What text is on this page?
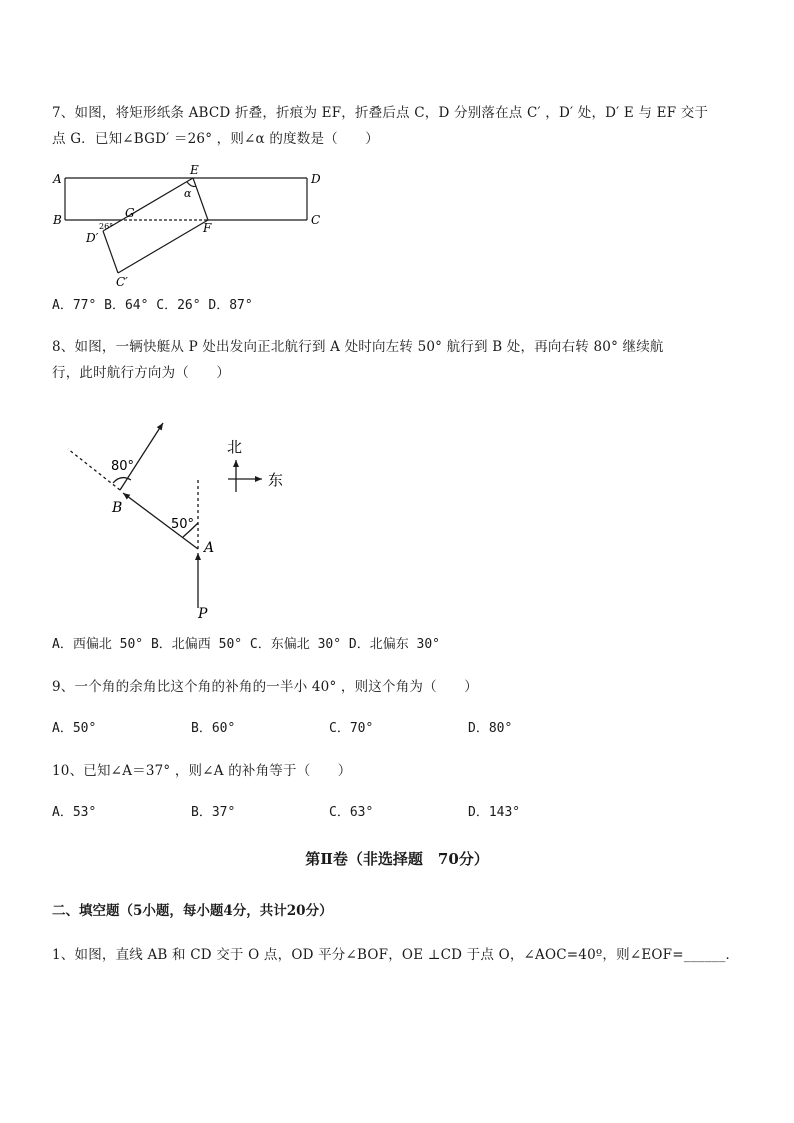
7、如图，将矩形纸条 ABCD 折叠，折痕为 EF，折叠后点 C，D 分别落在点 C′ ，D′ 处，D′ E 与 EF 交于
点 G．已知∠BGD′ ＝26° ，则∠α 的度数是（　　）
A	D
B	C
E
F
G
D′
C′
α
26°
A．77° B．64° C．26° D．87°
8、如图，一辆快艇从 P 处出发向正北航行到 A 处时向左转 50° 航行到 B 处，再向右转 80° 继续航
行，此时航行方向为（　　）
80°
50°
B
A
P
北
东
A．西偏北 50° B．北偏西 50° C．东偏北 30° D．北偏东 30°
9、一个角的余角比这个角的补角的一半小 40° ，则这个角为（　　）
A．50°	B．60°	C．70°	D．80°
10、已知∠A＝37° ，则∠A 的补角等于（　　）
A．53°	B．37°	C．63°	D．143°
第Ⅱ卷（非选择题　70分）
二、填空题（5小题，每小题4分，共计20分）
1、如图，直线 AB 和 CD 交于 O 点，OD 平分∠BOF，OE ⊥CD 于点 O，∠AOC=40º，则∠EOF=______．
